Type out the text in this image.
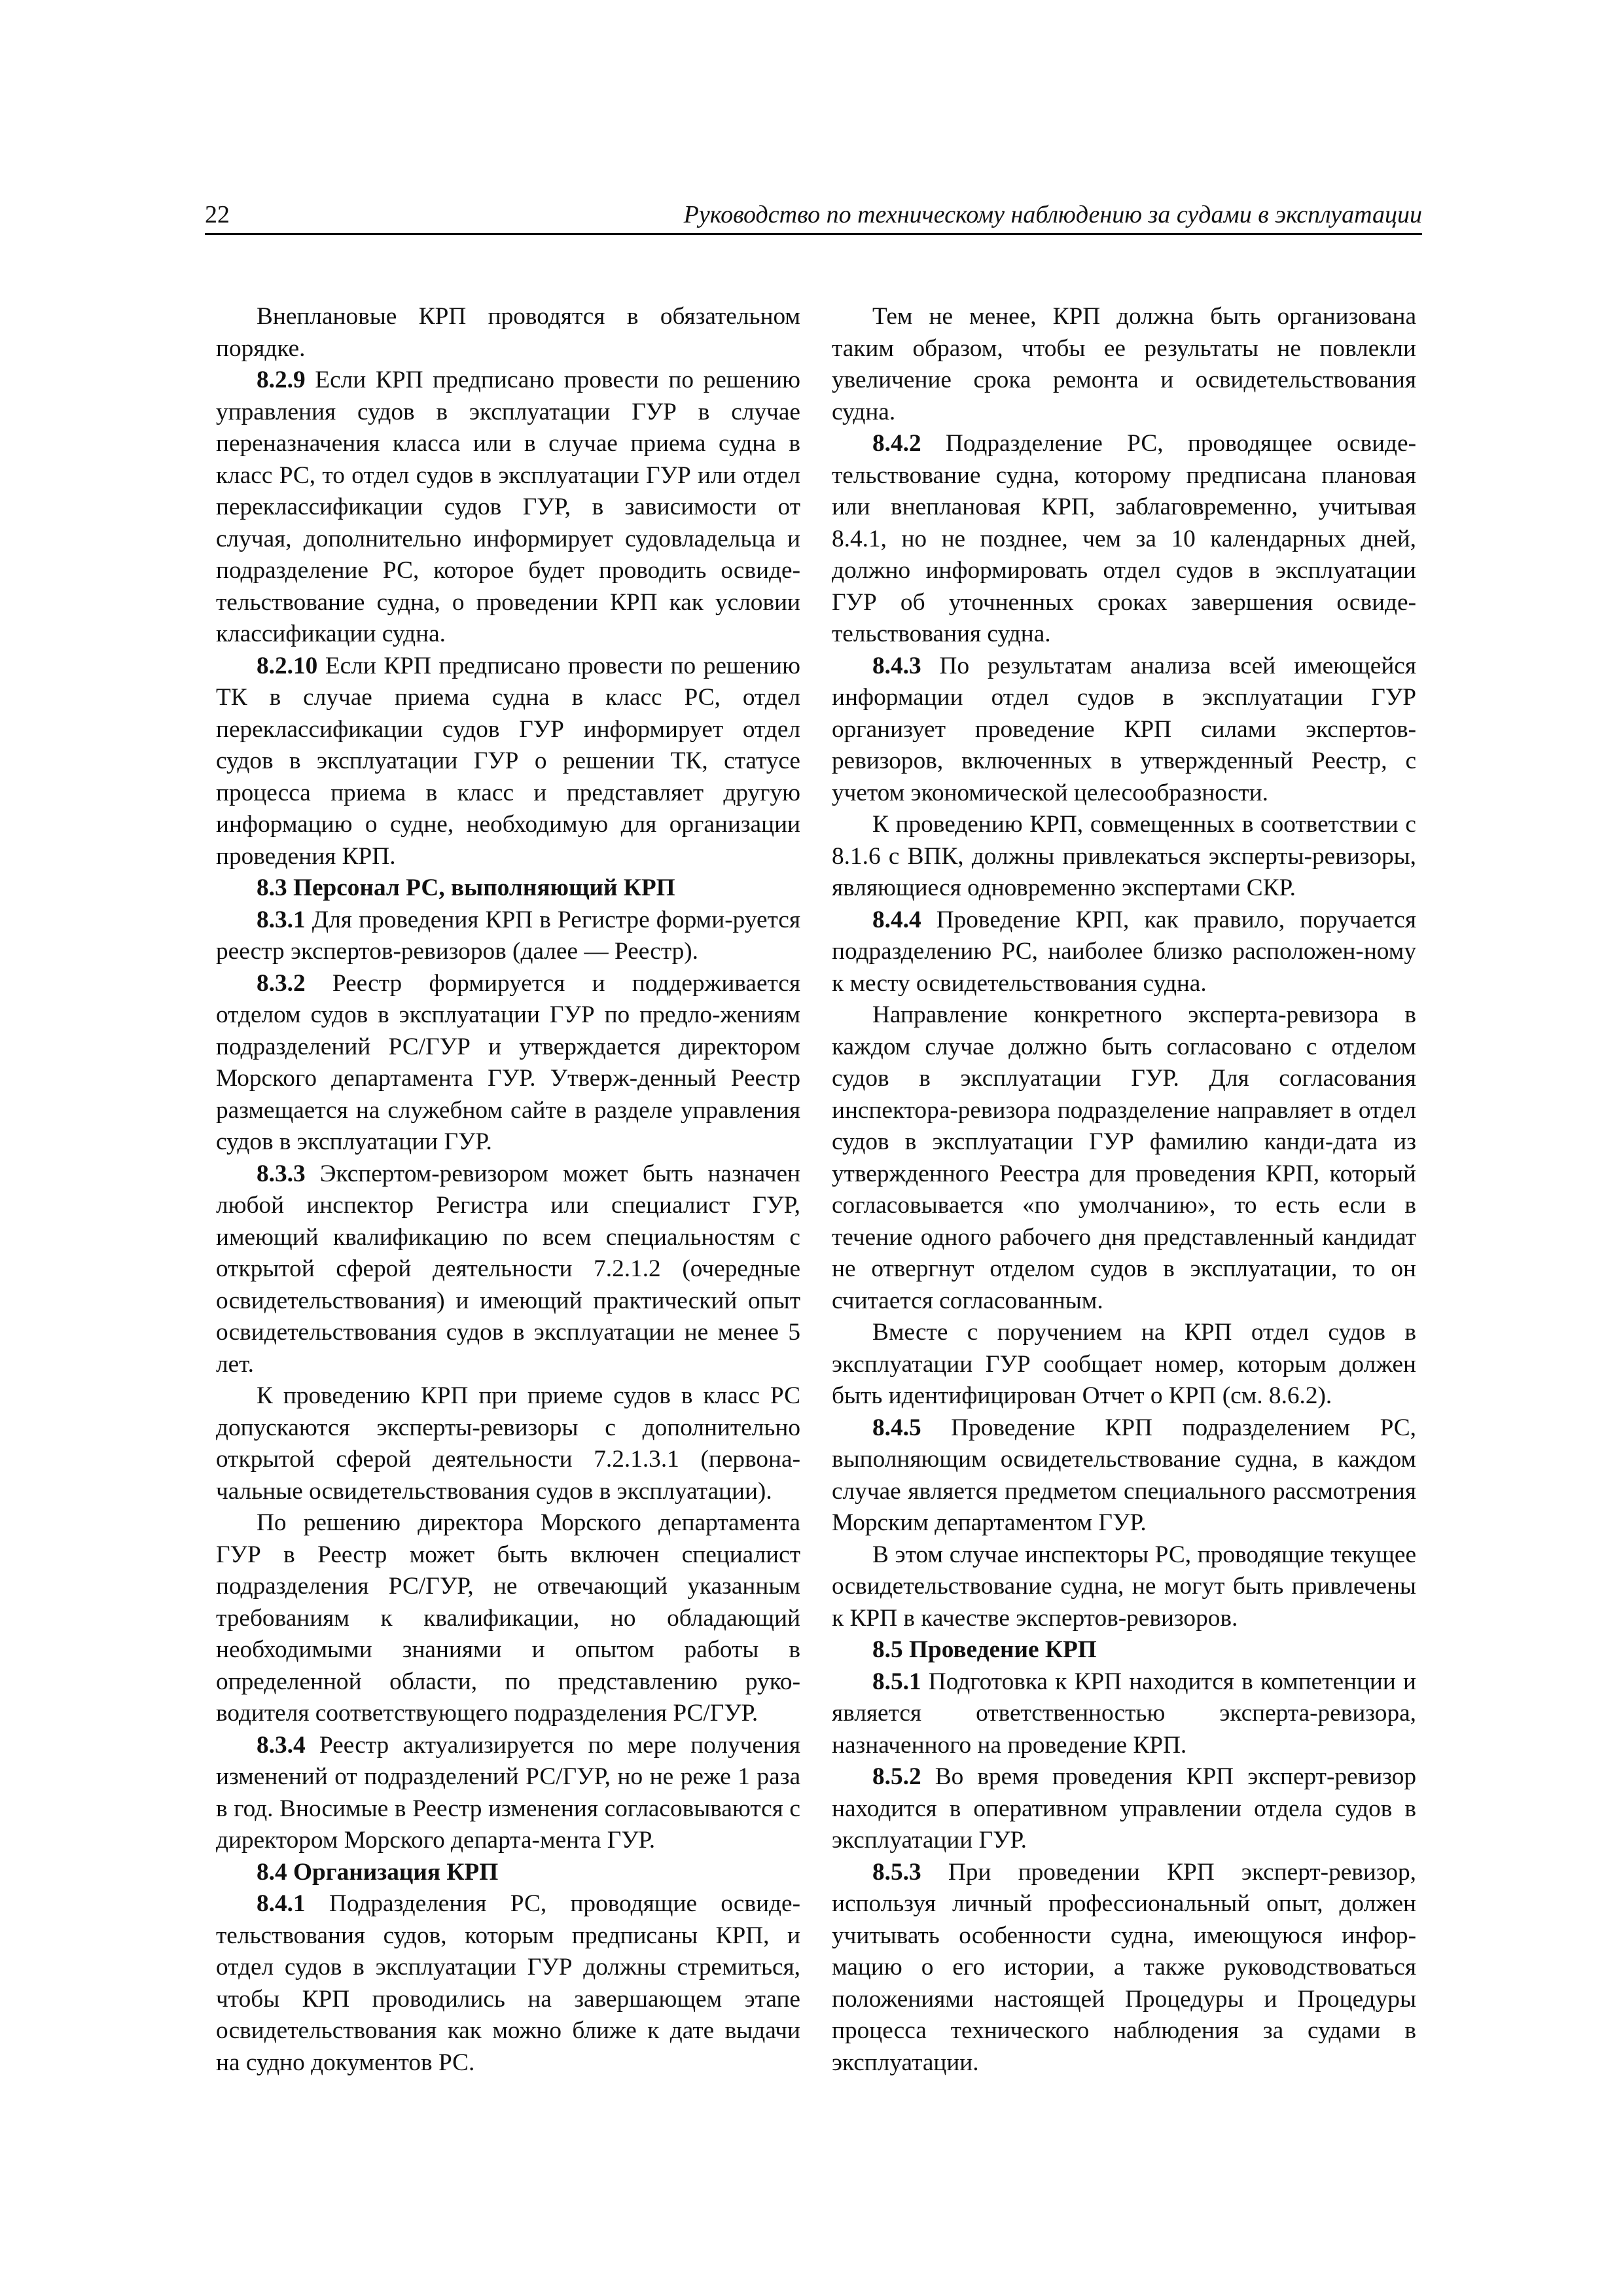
22	Руководство по техническому наблюдению за судами в эксплуатации

Внеплановые КРП проводятся в обязательном порядке.

8.2.9 Если КРП предписано провести по решению управления судов в эксплуатации ГУР в случае переназначения класса или в случае приема судна в класс РС, то отдел судов в эксплуатации ГУР или отдел переклассификации судов ГУР, в зависимости от случая, дополнительно информирует судовладельца и подразделение РС, которое будет проводить освиде-тельствование судна, о проведении КРП как условии классификации судна.

8.2.10 Если КРП предписано провести по решению ТК в случае приема судна в класс РС, отдел переклассификации судов ГУР информирует отдел судов в эксплуатации ГУР о решении ТК, статусе процесса приема в класс и представляет другую информацию о судне, необходимую для организации проведения КРП.

8.3 Персонал РС, выполняющий КРП

8.3.1 Для проведения КРП в Регистре форми-руется реестр экспертов-ревизоров (далее — Реестр).

8.3.2 Реестр формируется и поддерживается отделом судов в эксплуатации ГУР по предло-жениям подразделений РС/ГУР и утверждается директором Морского департамента ГУР. Утверж-денный Реестр размещается на служебном сайте в разделе управления судов в эксплуатации ГУР.

8.3.3 Экспертом-ревизором может быть назначен любой инспектор Регистра или специалист ГУР, имеющий квалификацию по всем специальностям с открытой сферой деятельности 7.2.1.2 (очередные освидетельствования) и имеющий практический опыт освидетельствования судов в эксплуатации не менее 5 лет.

К проведению КРП при приеме судов в класс РС допускаются эксперты-ревизоры с дополнительно открытой сферой деятельности 7.2.1.3.1 (первона-чальные освидетельствования судов в эксплуатации).

По решению директора Морского департамента ГУР в Реестр может быть включен специалист подразделения РС/ГУР, не отвечающий указанным требованиям к квалификации, но обладающий необходимыми знаниями и опытом работы в определенной области, по представлению руко-водителя соответствующего подразделения РС/ГУР.

8.3.4 Реестр актуализируется по мере получения изменений от подразделений РС/ГУР, но не реже 1 раза в год. Вносимые в Реестр изменения согласовываются с директором Морского департа-мента ГУР.

8.4 Организация КРП

8.4.1 Подразделения РС, проводящие освиде-тельствования судов, которым предписаны КРП, и отдел судов в эксплуатации ГУР должны стремиться, чтобы КРП проводились на завершающем этапе освидетельствования как можно ближе к дате выдачи на судно документов РС.

Тем не менее, КРП должна быть организована таким образом, чтобы ее результаты не повлекли увеличение срока ремонта и освидетельствования судна.

8.4.2 Подразделение РС, проводящее освиде-тельствование судна, которому предписана плановая или внеплановая КРП, заблаговременно, учитывая 8.4.1, но не позднее, чем за 10 календарных дней, должно информировать отдел судов в эксплуатации ГУР об уточненных сроках завершения освиде-тельствования судна.

8.4.3 По результатам анализа всей имеющейся информации отдел судов в эксплуатации ГУР организует проведение КРП силами экспертов-ревизоров, включенных в утвержденный Реестр, с учетом экономической целесообразности.

К проведению КРП, совмещенных в соответствии с 8.1.6 с ВПК, должны привлекаться эксперты-ревизоры, являющиеся одновременно экспертами СКР.

8.4.4 Проведение КРП, как правило, поручается подразделению РС, наиболее близко расположен-ному к месту освидетельствования судна.

Направление конкретного эксперта-ревизора в каждом случае должно быть согласовано с отделом судов в эксплуатации ГУР. Для согласования инспектора-ревизора подразделение направляет в отдел судов в эксплуатации ГУР фамилию канди-дата из утвержденного Реестра для проведения КРП, который согласовывается «по умолчанию», то есть если в течение одного рабочего дня представленный кандидат не отвергнут отделом судов в эксплуатации, то он считается согласованным.

Вместе с поручением на КРП отдел судов в эксплуатации ГУР сообщает номер, которым должен быть идентифицирован Отчет о КРП (см. 8.6.2).

8.4.5 Проведение КРП подразделением РС, выполняющим освидетельствование судна, в каждом случае является предметом специального рассмотрения Морским департаментом ГУР.

В этом случае инспекторы РС, проводящие текущее освидетельствование судна, не могут быть привлечены к КРП в качестве экспертов-ревизоров.

8.5 Проведение КРП

8.5.1 Подготовка к КРП находится в компетенции и является ответственностью эксперта-ревизора, назначенного на проведение КРП.

8.5.2 Во время проведения КРП эксперт-ревизор находится в оперативном управлении отдела судов в эксплуатации ГУР.

8.5.3 При проведении КРП эксперт-ревизор, используя личный профессиональный опыт, должен учитывать особенности судна, имеющуюся инфор-мацию о его истории, а также руководствоваться положениями настоящей Процедуры и Процедуры процесса технического наблюдения за судами в эксплуатации.
